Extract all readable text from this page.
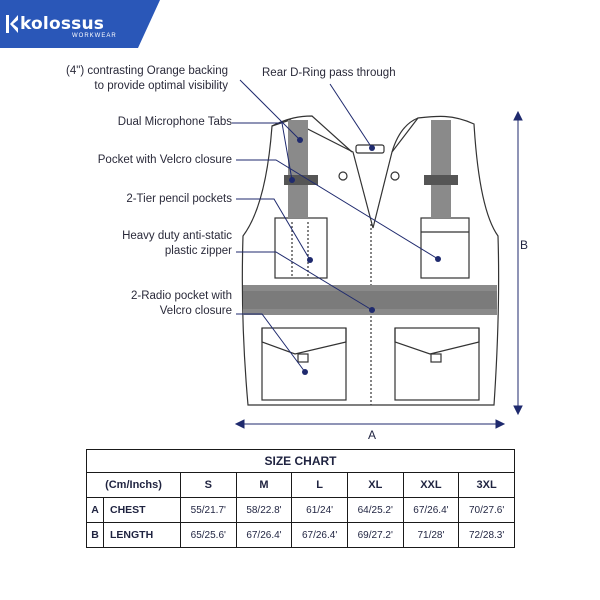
kolossus
WORKWEAR
(4") contrasting Orange backing
to provide optimal visibility
Rear D-Ring pass through
Dual Microphone Tabs
Pocket with Velcro closure
2-Tier pencil pockets
Heavy duty anti-static
plastic zipper
2-Radio pocket with
Velcro closure
B
A
SIZE CHART							
(Cm/Inchs)		S	M	L	XL	XXL	3XL
A	CHEST	55/21.7'	58/22.8'	61/24'	64/25.2'	67/26.4'	70/27.6'
B	LENGTH	65/25.6'	67/26.4'	67/26.4'	69/27.2'	71/28'	72/28.3'
